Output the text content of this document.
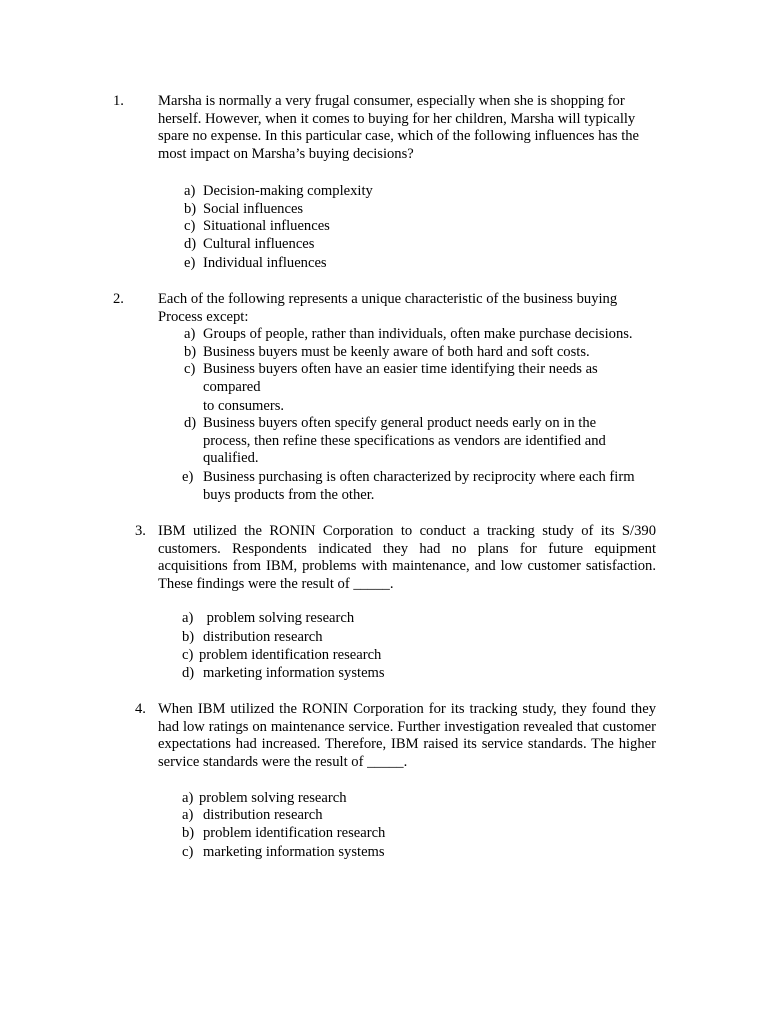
1. Marsha is normally a very frugal consumer, especially when she is shopping for herself. However, when it comes to buying for her children, Marsha will typically spare no expense. In this particular case, which of the following influences has the most impact on Marsha’s buying decisions?
a) Decision-making complexity
b) Social influences
c) Situational influences
d) Cultural influences
e) Individual influences
2. Each of the following represents a unique characteristic of the business buying
Process except:
a) Groups of people, rather than individuals, often make purchase decisions.
b) Business buyers must be keenly aware of both hard and soft costs.
c) Business buyers often have an easier time identifying their needs as
compared
to consumers.
d) Business buyers often specify general product needs early on in the
process, then refine these specifications as vendors are identified and
qualified.
e) Business purchasing is often characterized by reciprocity where each firm
buys products from the other.
3. IBM utilized the RONIN Corporation to conduct a tracking study of its S/390 customers. Respondents indicated they had no plans for future equipment acquisitions from IBM, problems with maintenance, and low customer satisfaction. These findings were the result of _____.
a) problem solving research
b) distribution research
c) problem identification research
d) marketing information systems
4. When IBM utilized the RONIN Corporation for its tracking study, they found they had low ratings on maintenance service. Further investigation revealed that customer expectations had increased. Therefore, IBM raised its service standards. The higher service standards were the result of _____.
a) problem solving research
a) distribution research
b) problem identification research
c) marketing information systems
